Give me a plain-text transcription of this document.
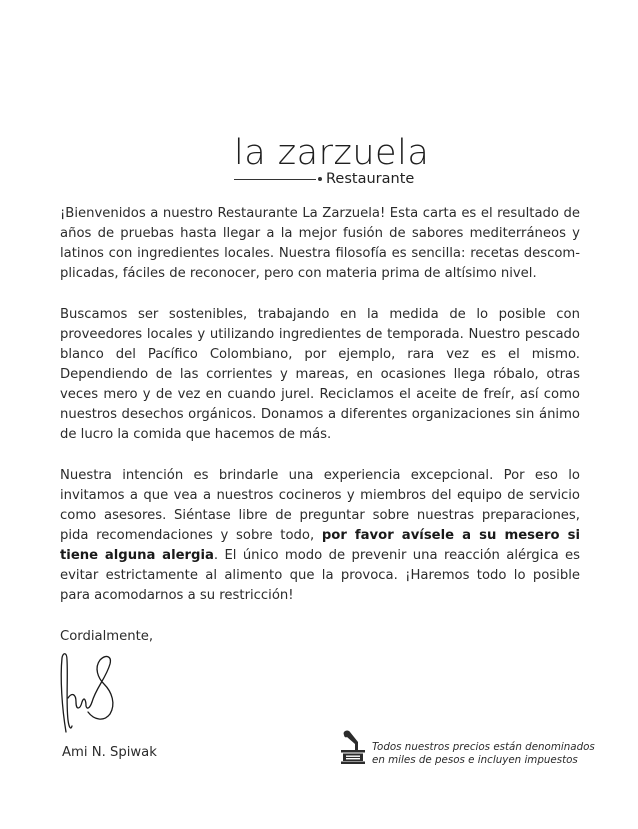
la zarzuela
Restaurante

¡Bienvenidos a nuestro Restaurante La Zarzuela! Esta carta es el resultado de años de pruebas hasta llegar a la mejor fusión de sabores mediterráneos y latinos con ingredientes locales. Nuestra filosofía es sencilla: recetas descom-plicadas, fáciles de reconocer, pero con materia prima de altísimo nivel.

Buscamos ser sostenibles, trabajando en la medida de lo posible con proveedores locales y utilizando ingredientes de temporada. Nuestro pescado blanco del Pacífico Colombiano, por ejemplo, rara vez es el mismo. Dependiendo de las corrientes y mareas, en ocasiones llega róbalo, otras veces mero y de vez en cuando jurel. Reciclamos el aceite de freír, así como nuestros desechos orgánicos. Donamos a diferentes organizaciones sin ánimo de lucro la comida que hacemos de más.

Nuestra intención es brindarle una experiencia excepcional. Por eso lo invitamos a que vea a nuestros cocineros y miembros del equipo de servicio como asesores. Siéntase libre de preguntar sobre nuestras preparaciones, pida recomendaciones y sobre todo, por favor avísele a su mesero si tiene alguna alergia. El único modo de prevenir una reacción alérgica es evitar estrictamente al alimento que la provoca. ¡Haremos todo lo posible para acomodarnos a su restricción!

Cordialmente,

Ami N. Spiwak	Todos nuestros precios están denominados
en miles de pesos e incluyen impuestos
